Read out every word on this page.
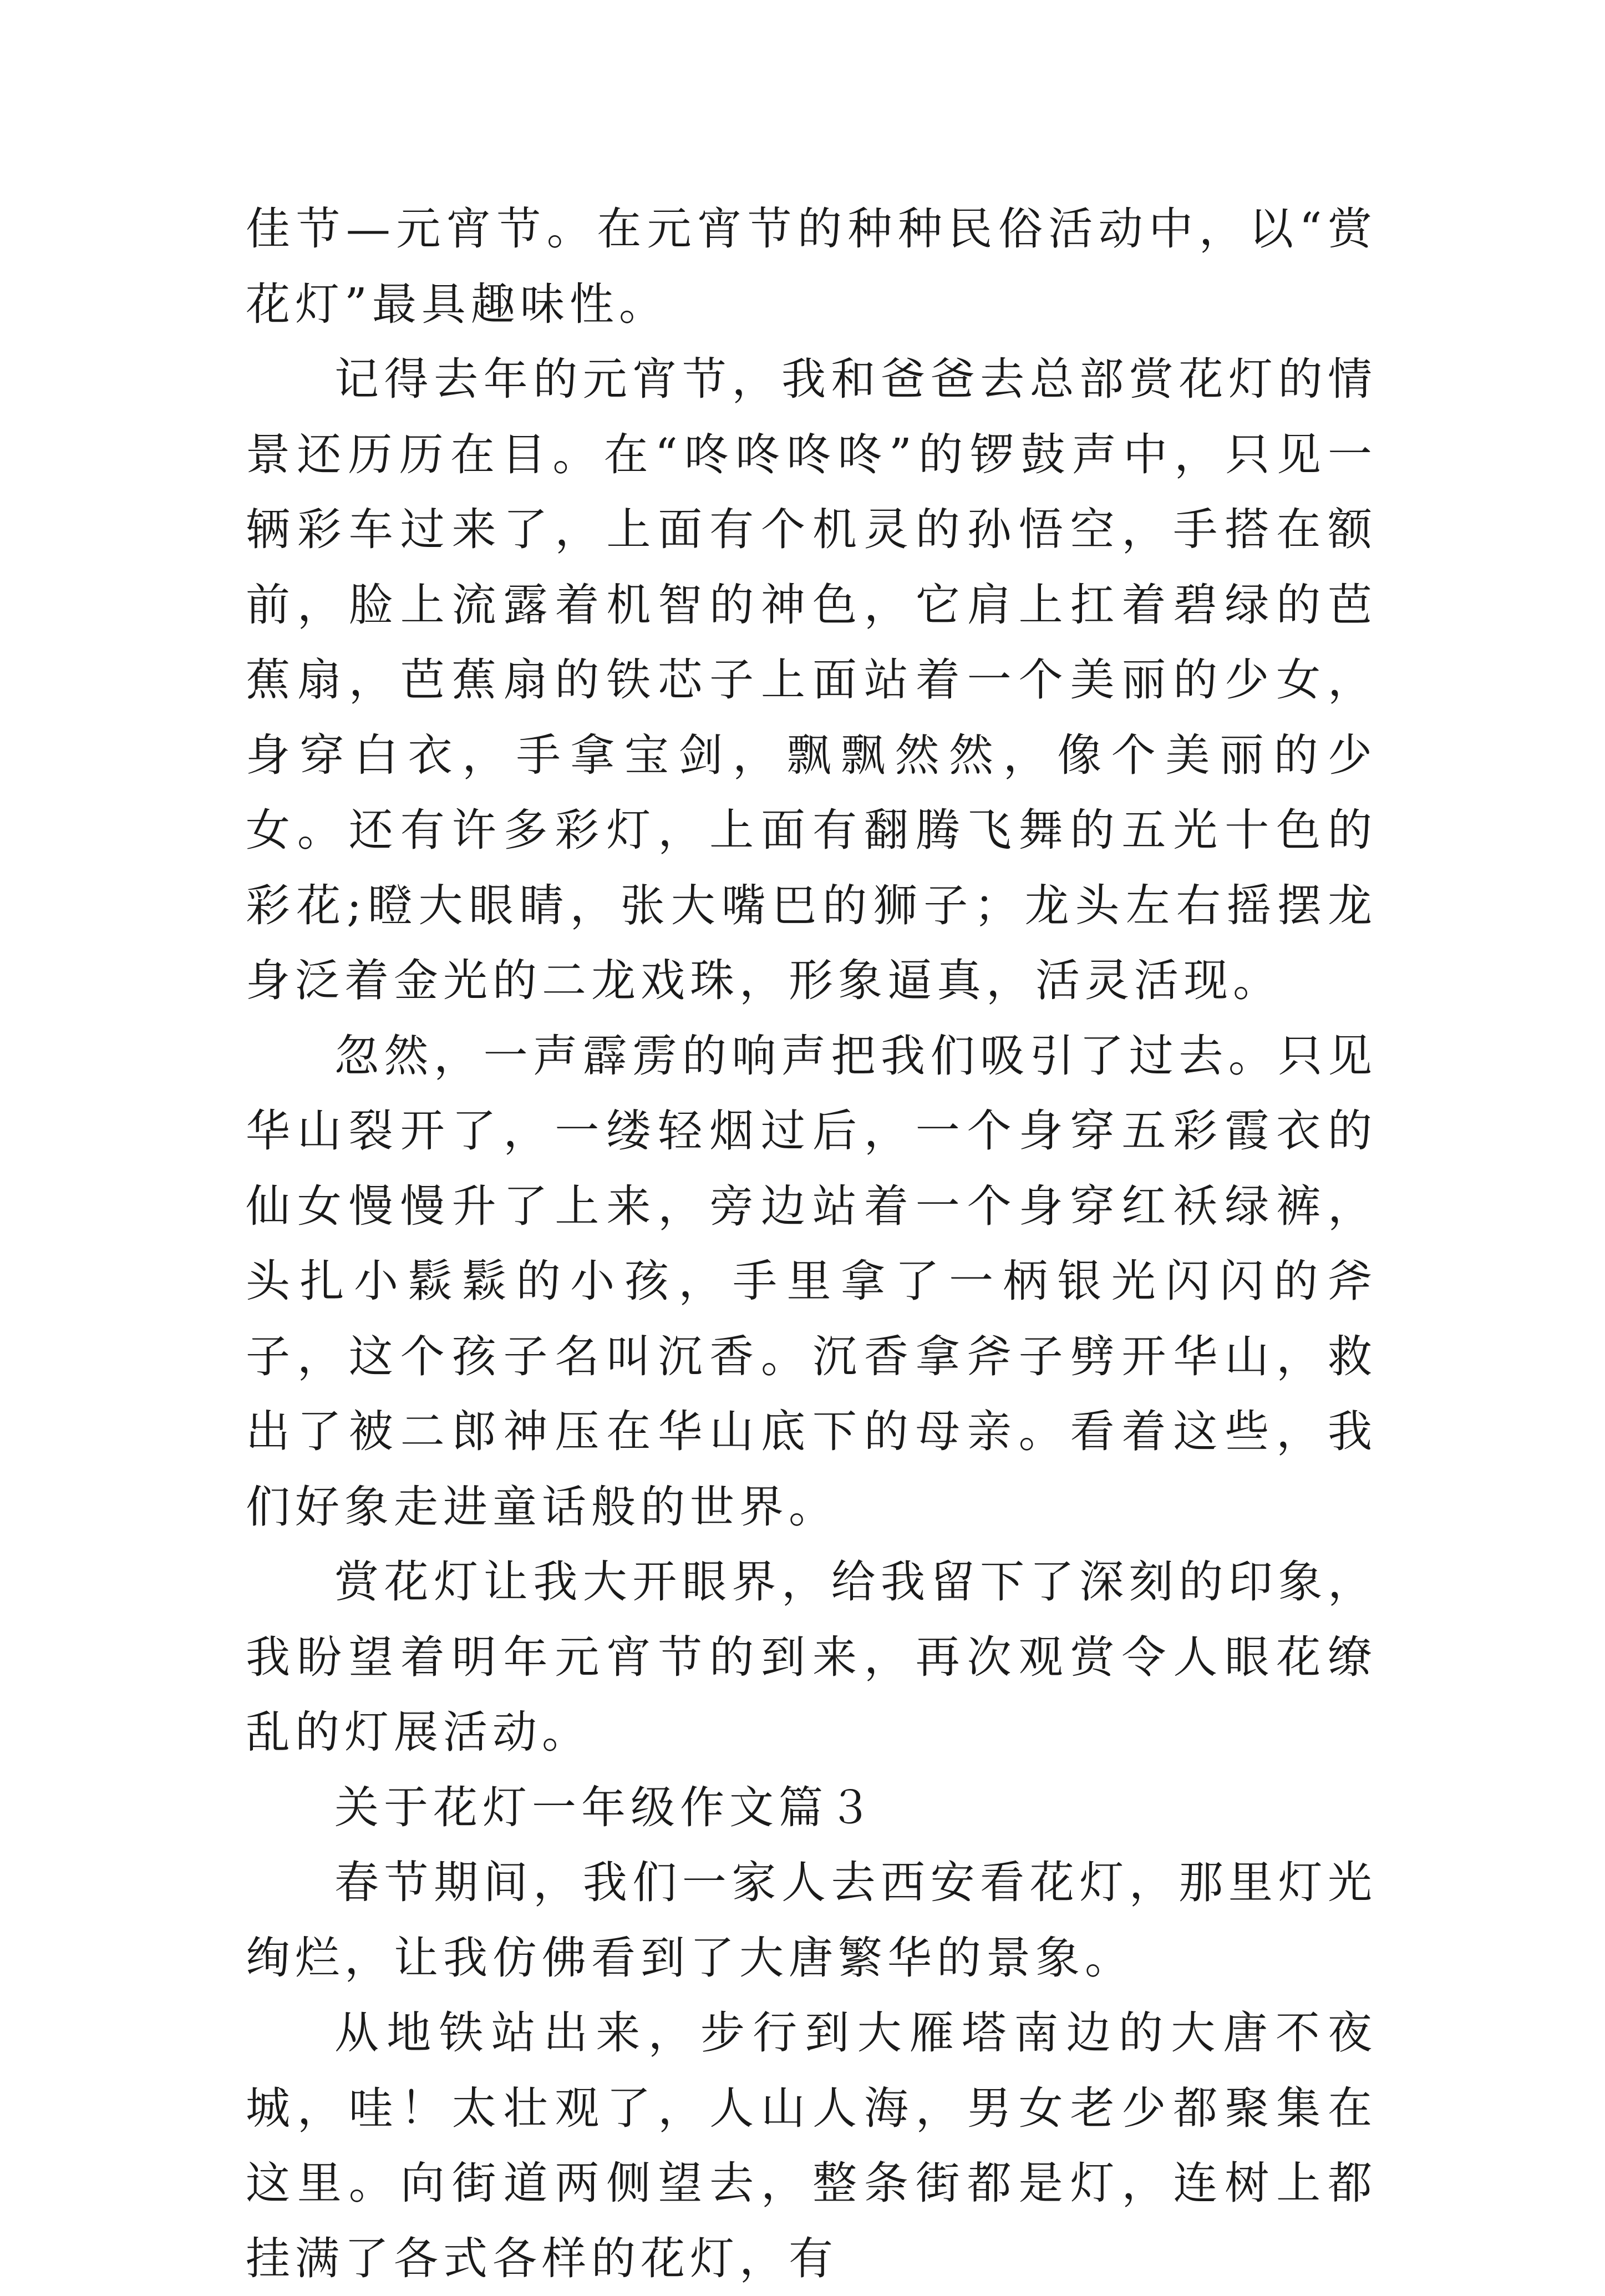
佳节—元宵节。在元宵节的种种民俗活动中，以“赏花灯”最具趣味性。

记得去年的元宵节，我和爸爸去总部赏花灯的情景还历历在目。在“咚咚咚咚”的锣鼓声中，只见一辆彩车过来了，上面有个机灵的孙悟空，手搭在额前，脸上流露着机智的神色，它肩上扛着碧绿的芭蕉扇，芭蕉扇的铁芯子上面站着一个美丽的少女，身穿白衣，手拿宝剑，飘飘然然，像个美丽的少女。还有许多彩灯，上面有翻腾飞舞的五光十色的彩花;瞪大眼睛，张大嘴巴的狮子；龙头左右摇摆龙身泛着金光的二龙戏珠，形象逼真，活灵活现。

忽然，一声霹雳的响声把我们吸引了过去。只见华山裂开了，一缕轻烟过后，一个身穿五彩霞衣的仙女慢慢升了上来，旁边站着一个身穿红袄绿裤，头扎小鬏鬏的小孩，手里拿了一柄银光闪闪的斧子，这个孩子名叫沉香。沉香拿斧子劈开华山，救出了被二郎神压在华山底下的母亲。看着这些，我们好象走进童话般的世界。

赏花灯让我大开眼界，给我留下了深刻的印象，我盼望着明年元宵节的到来，再次观赏令人眼花缭乱的灯展活动。

关于花灯一年级作文篇３

春节期间，我们一家人去西安看花灯，那里灯光绚烂，让我仿佛看到了大唐繁华的景象。

从地铁站出来，步行到大雁塔南边的大唐不夜城，哇！太壮观了，人山人海，男女老少都聚集在这里。向街道两侧望去，整条街都是灯，连树上都挂满了各式各样的花灯，有
